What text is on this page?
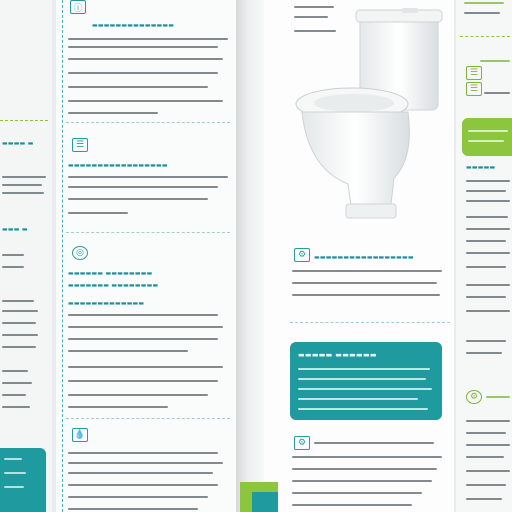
▬▬▬▬ ▬
▬▬▬ ▬
ⓘ
▬▬▬▬▬▬▬▬▬▬▬▬▬▬
☰
▬▬▬▬▬▬▬▬▬▬▬▬▬▬▬▬▬
◎
▬▬▬▬▬▬ ▬▬▬▬▬▬▬▬
▬▬▬▬▬▬▬ ▬▬▬▬▬▬▬▬
▬▬▬▬▬▬▬▬▬▬▬▬▬
💧
⚙	▬▬▬▬▬▬▬▬▬▬▬▬▬▬▬▬▬
⚙
▬▬▬▬▬ ▬▬▬▬▬▬
☰
☰
▬▬▬▬▬
⚙
